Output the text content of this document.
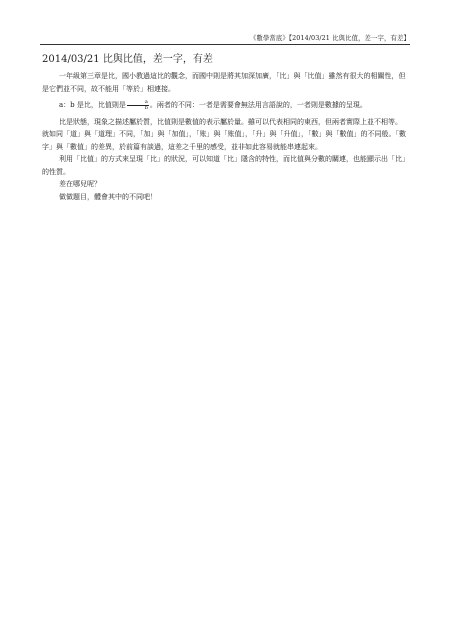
《數學當底》【2014/03/21 比與比值，差一字，有差】
2014/03/21 比與比值，差一字，有差

一年級第三章是比，國小教過這比的觀念，而國中則是將其加深加廣，「比」與「比值」雖然有很大的相關性，但是它們並不同，故不能用「等於」相連接。

a：b 是比，比值則是 $\frac{a}{b}$ 。兩者的不同：一者是需要會無法用言語說的，一者則是數據的呈現。

比是狀態，現象之描述屬於質，比值則是數值的表示屬於量。雖可以代表相同的東西，但兩者實際上並不相等。就如同「道」與「道理」不同，「加」與「加值」，「账」與「账值」，「升」與「升值」，「數」與「數值」的不同般。「數字」與「數值」的差異，於前篇有談過，這差之千里的感受，並非如此容易就能串連起來。

利用「比值」的方式來呈現「比」的狀況，可以知道「比」隱含的特性，而比值與分數的關連，也能顯示出「比」的性質。

差在哪兒呢？

做做題目，體會其中的不同吧！
